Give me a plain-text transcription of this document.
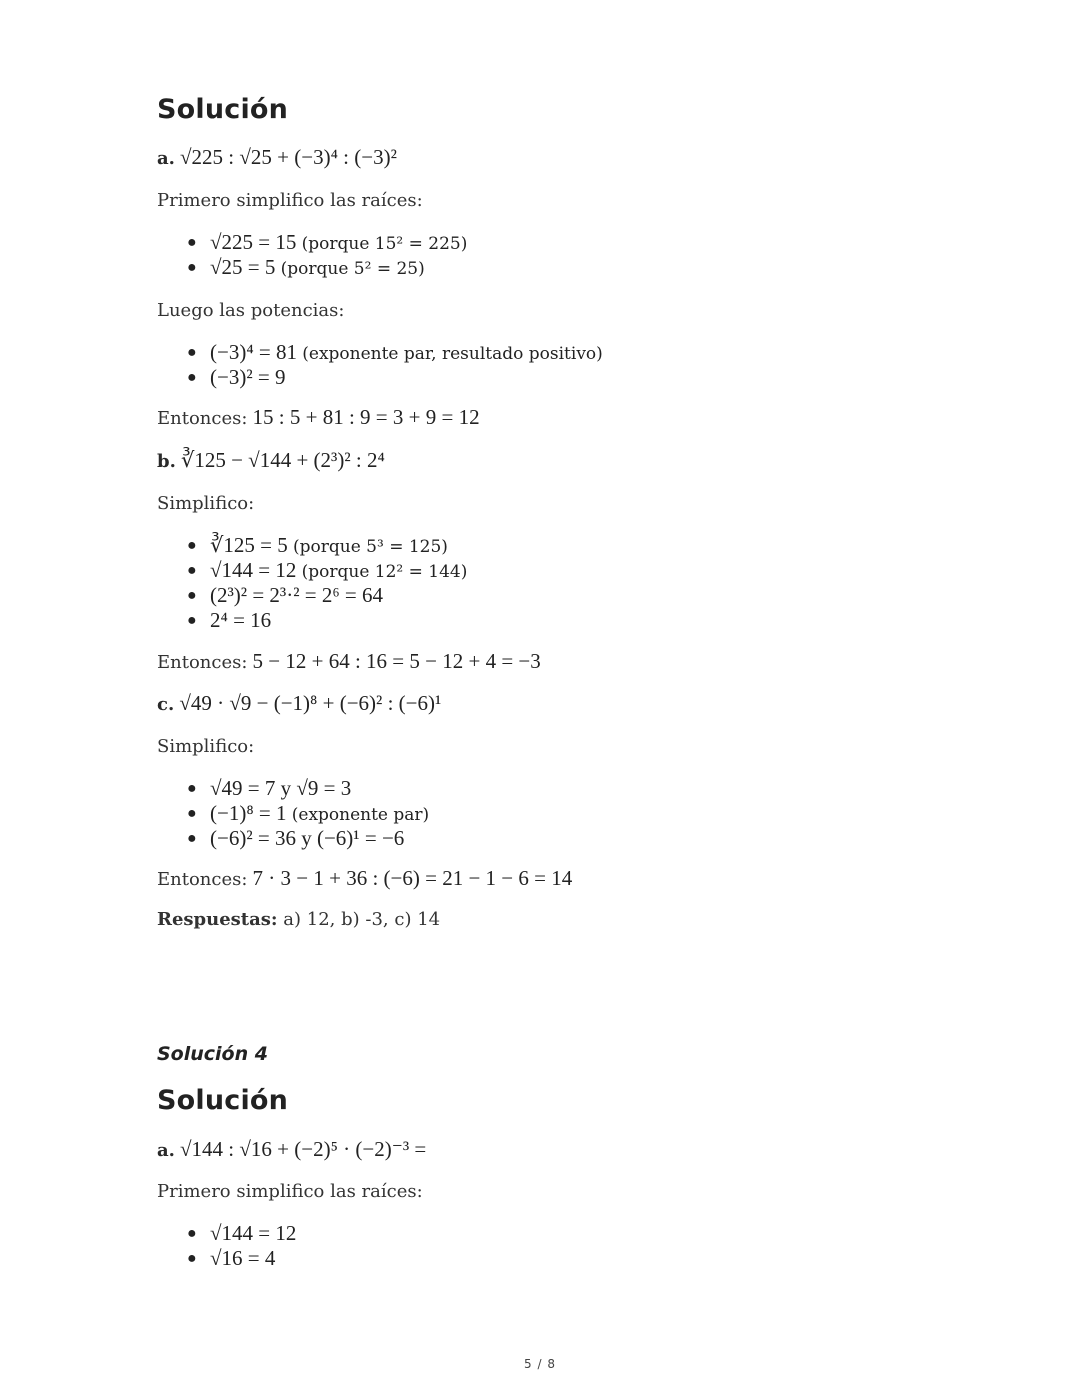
Solución
a. √225 : √25 + (−3)⁴ : (−3)²
Primero simplifico las raíces:
● √225 = 15 (porque 15² = 225)
● √25 = 5 (porque 5² = 25)
Luego las potencias:
● (−3)⁴ = 81 (exponente par, resultado positivo)
● (−3)² = 9
Entonces: 15 : 5 + 81 : 9 = 3 + 9 = 12
b. ∛125 − √144 + (2³)² : 2⁴
Simplifico:
● ∛125 = 5 (porque 5³ = 125)
● √144 = 12 (porque 12² = 144)
● (2³)² = 2³·² = 2⁶ = 64
● 2⁴ = 16
Entonces: 5 − 12 + 64 : 16 = 5 − 12 + 4 = −3
c. √49 · √9 − (−1)⁸ + (−6)² : (−6)¹
Simplifico:
● √49 = 7 y √9 = 3
● (−1)⁸ = 1 (exponente par)
● (−6)² = 36 y (−6)¹ = −6
Entonces: 7 · 3 − 1 + 36 : (−6) = 21 − 1 − 6 = 14
Respuestas: a) 12, b) -3, c) 14
Solución 4
Solución
a. √144 : √16 + (−2)⁵ · (−2)⁻³ =
Primero simplifico las raíces:
● √144 = 12
● √16 = 4
5 / 8
